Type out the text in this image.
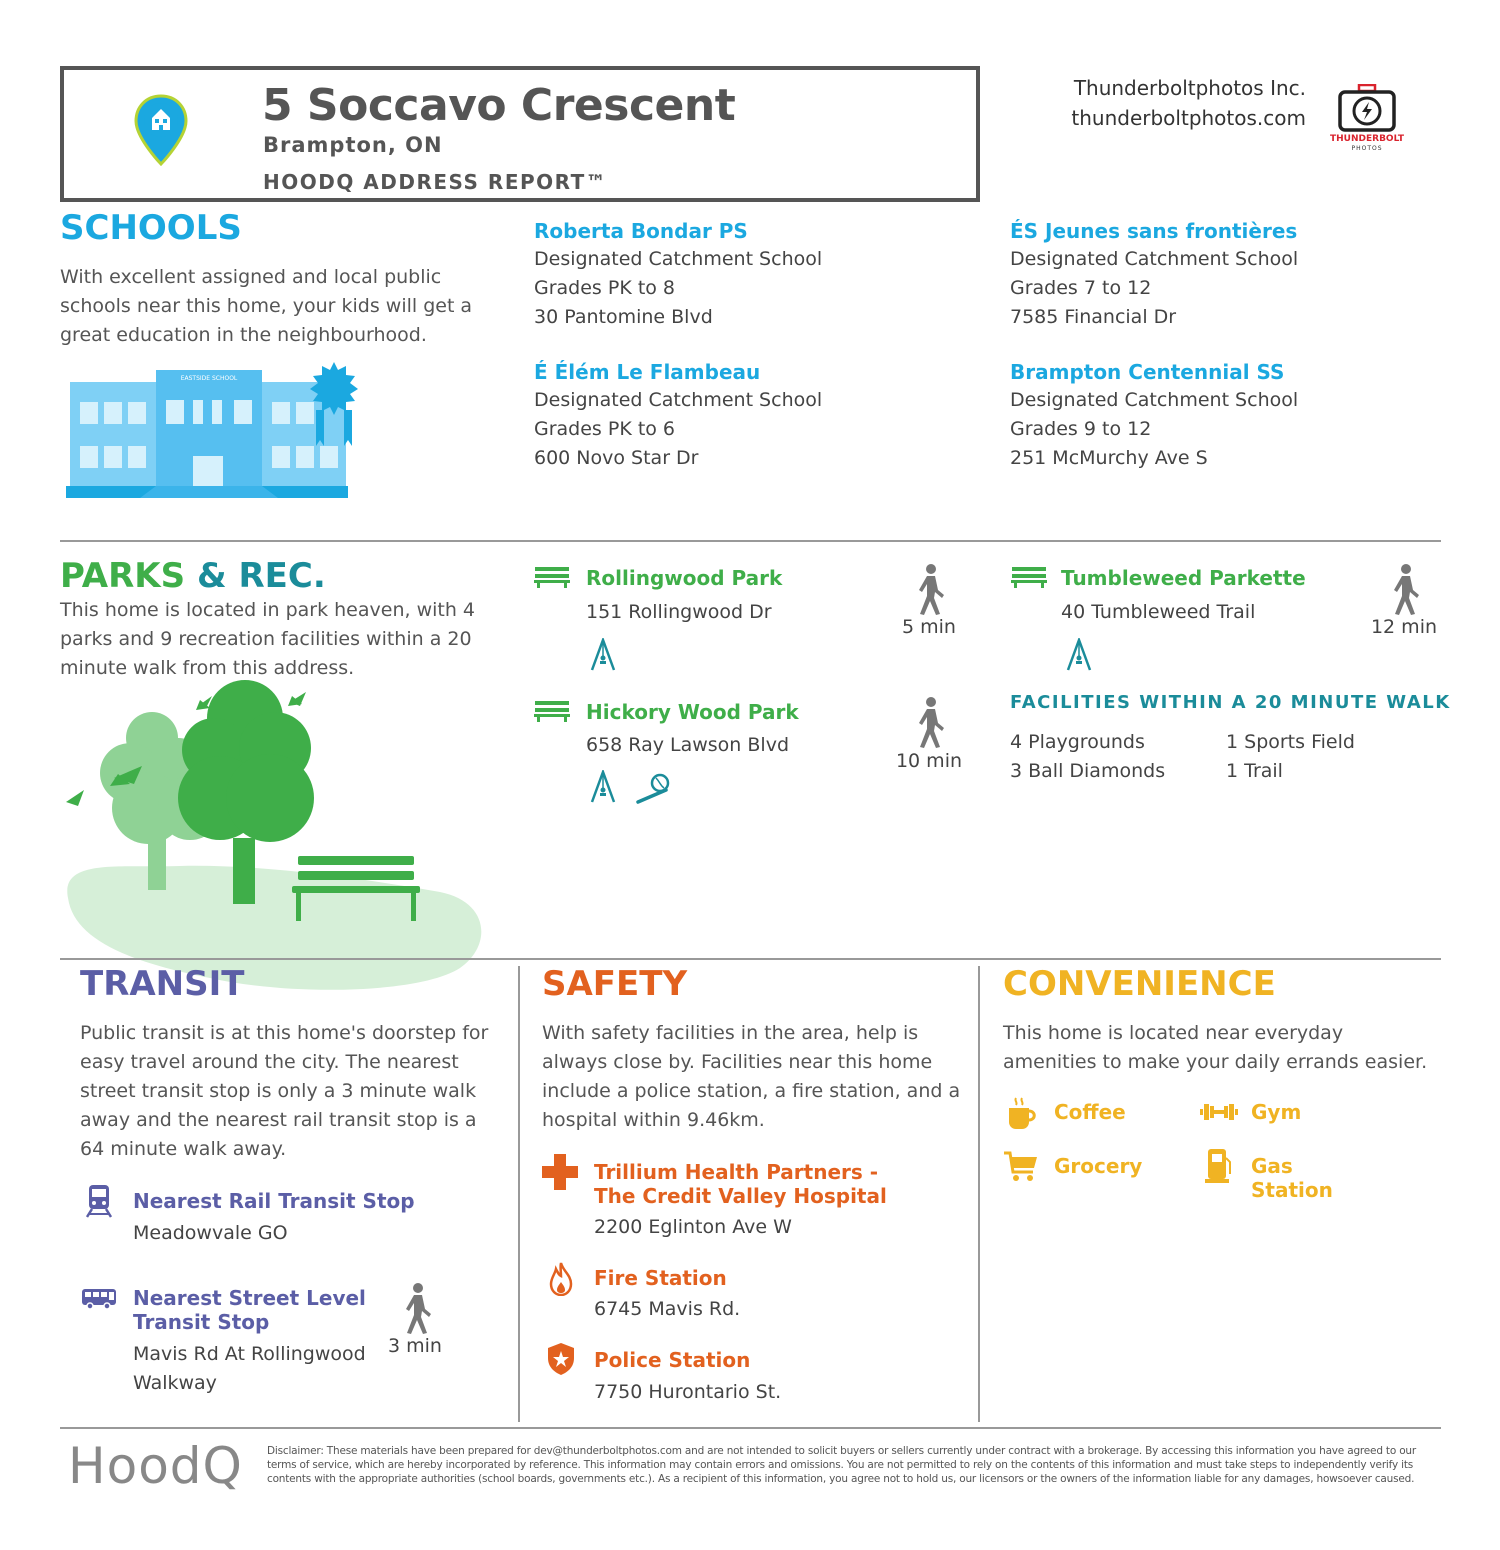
5 Soccavo Crescent
Brampton, ON
HOODQ ADDRESS REPORT™
Thunderboltphotos Inc.
thunderboltphotos.com
THUNDERBOLT
PHOTOS
SCHOOLS
With excellent assigned and local public schools near this home, your kids will get a great education in the neighbourhood.
EASTSIDE SCHOOL
Roberta Bondar PS
Designated Catchment School
Grades PK to 8
30 Pantomine Blvd
ÉS Jeunes sans frontières
Designated Catchment School
Grades 7 to 12
7585 Financial Dr
É Élém Le Flambeau
Designated Catchment School
Grades PK to 6
600 Novo Star Dr
Brampton Centennial SS
Designated Catchment School
Grades 9 to 12
251 McMurchy Ave S
PARKS & REC.
This home is located in park heaven, with 4 parks and 9 recreation facilities within a 20 minute walk from this address.
Rollingwood Park
151 Rollingwood Dr
5 min
Tumbleweed Parkette
40 Tumbleweed Trail
12 min
Hickory Wood Park
658 Ray Lawson Blvd
10 min
FACILITIES WITHIN A 20 MINUTE WALK
4 Playgrounds	1 Sports Field
3 Ball Diamonds	1 Trail
TRANSIT
Public transit is at this home's doorstep for easy travel around the city. The nearest street transit stop is only a 3 minute walk away and the nearest rail transit stop is a 64 minute walk away.
Nearest Rail Transit Stop
Meadowvale GO
Nearest Street Level Transit Stop
Mavis Rd At Rollingwood Walkway
3 min
SAFETY
With safety facilities in the area, help is always close by. Facilities near this home include a police station, a fire station, and a hospital within 9.46km.
Trillium Health Partners - The Credit Valley Hospital
2200 Eglinton Ave W
Fire Station
6745 Mavis Rd.
Police Station
7750 Hurontario St.
CONVENIENCE
This home is located near everyday amenities to make your daily errands easier.
Coffee	Gym
Grocery	Gas Station
HoodQ Disclaimer: These materials have been prepared for dev@thunderboltphotos.com and are not intended to solicit buyers or sellers currently under contract with a brokerage. By accessing this information you have agreed to our terms of service, which are hereby incorporated by reference. This information may contain errors and omissions. You are not permitted to rely on the contents of this information and must take steps to independently verify its contents with the appropriate authorities (school boards, governments etc.). As a recipient of this information, you agree not to hold us, our licensors or the owners of the information liable for any damages, howsoever caused.
